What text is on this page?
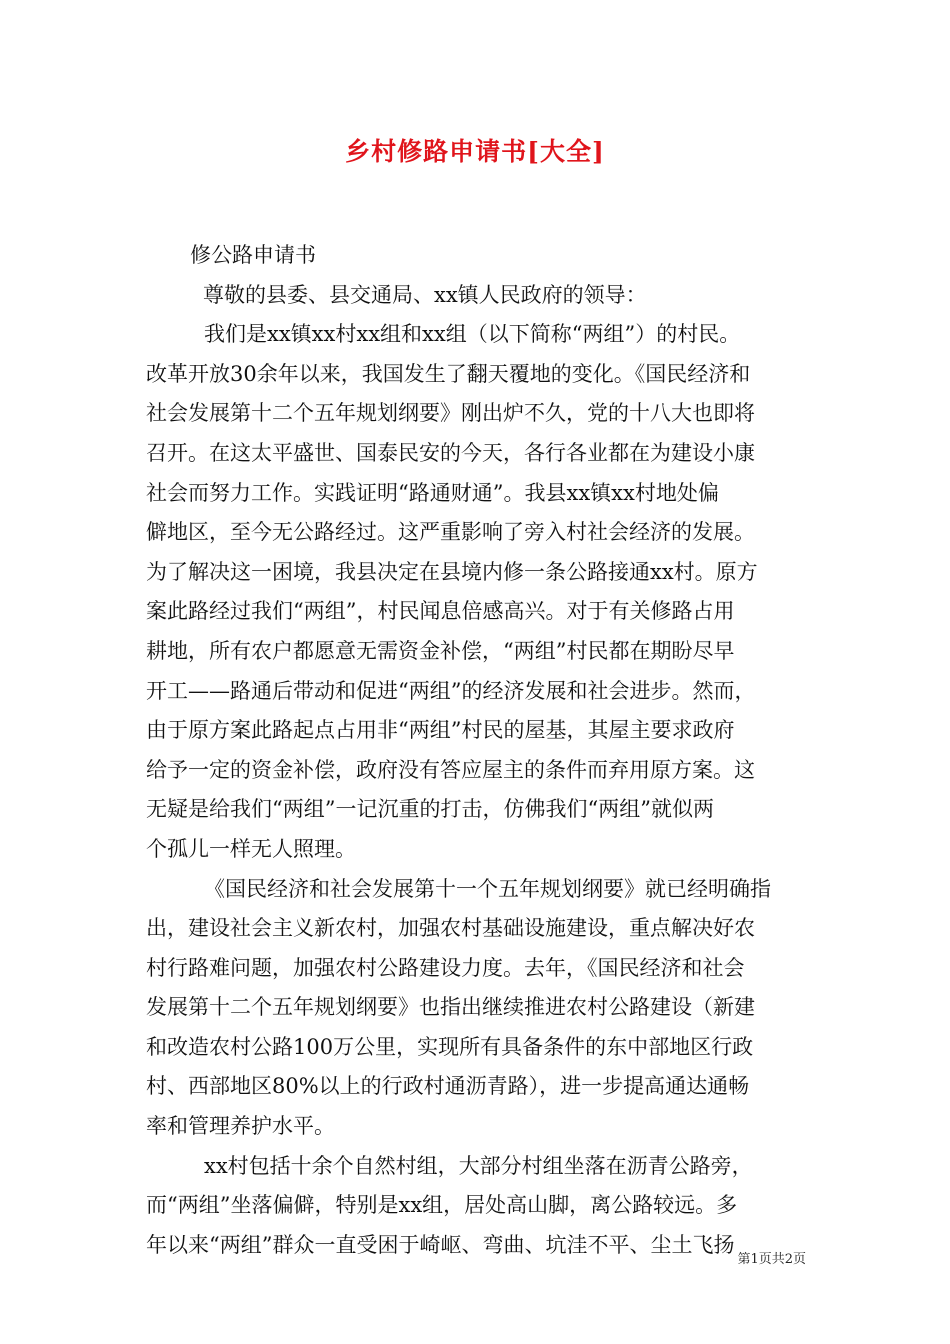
乡村修路申请书[大全]
修公路申请书
尊敬的县委、县交通局、xx镇人民政府的领导：
我们是xx镇xx村xx组和xx组（以下简称“两组”）的村民。
改革开放30余年以来，我国发生了翻天覆地的变化。《国民经济和
社会发展第十二个五年规划纲要》刚出炉不久，党的十八大也即将
召开。在这太平盛世、国泰民安的今天，各行各业都在为建设小康
社会而努力工作。实践证明“路通财通”。我县xx镇xx村地处偏
僻地区，至今无公路经过。这严重影响了旁入村社会经济的发展。
为了解决这一困境，我县决定在县境内修一条公路接通xx村。原方
案此路经过我们“两组”，村民闻息倍感高兴。对于有关修路占用
耕地，所有农户都愿意无需资金补偿，“两组”村民都在期盼尽早
开工——路通后带动和促进“两组”的经济发展和社会进步。然而，
由于原方案此路起点占用非“两组”村民的屋基，其屋主要求政府
给予一定的资金补偿，政府没有答应屋主的条件而弃用原方案。这
无疑是给我们“两组”一记沉重的打击，仿佛我们“两组”就似两
个孤儿一样无人照理。
《国民经济和社会发展第十一个五年规划纲要》就已经明确指
出，建设社会主义新农村，加强农村基础设施建设，重点解决好农
村行路难问题，加强农村公路建设力度。去年，《国民经济和社会
发展第十二个五年规划纲要》也指出继续推进农村公路建设（新建
和改造农村公路100万公里，实现所有具备条件的东中部地区行政
村、西部地区80%以上的行政村通沥青路），进一步提高通达通畅
率和管理养护水平。
xx村包括十余个自然村组，大部分村组坐落在沥青公路旁，
而“两组”坐落偏僻，特别是xx组，居处高山脚，离公路较远。多
年以来“两组”群众一直受困于崎岖、弯曲、坑洼不平、尘土飞扬
第1页共2页
